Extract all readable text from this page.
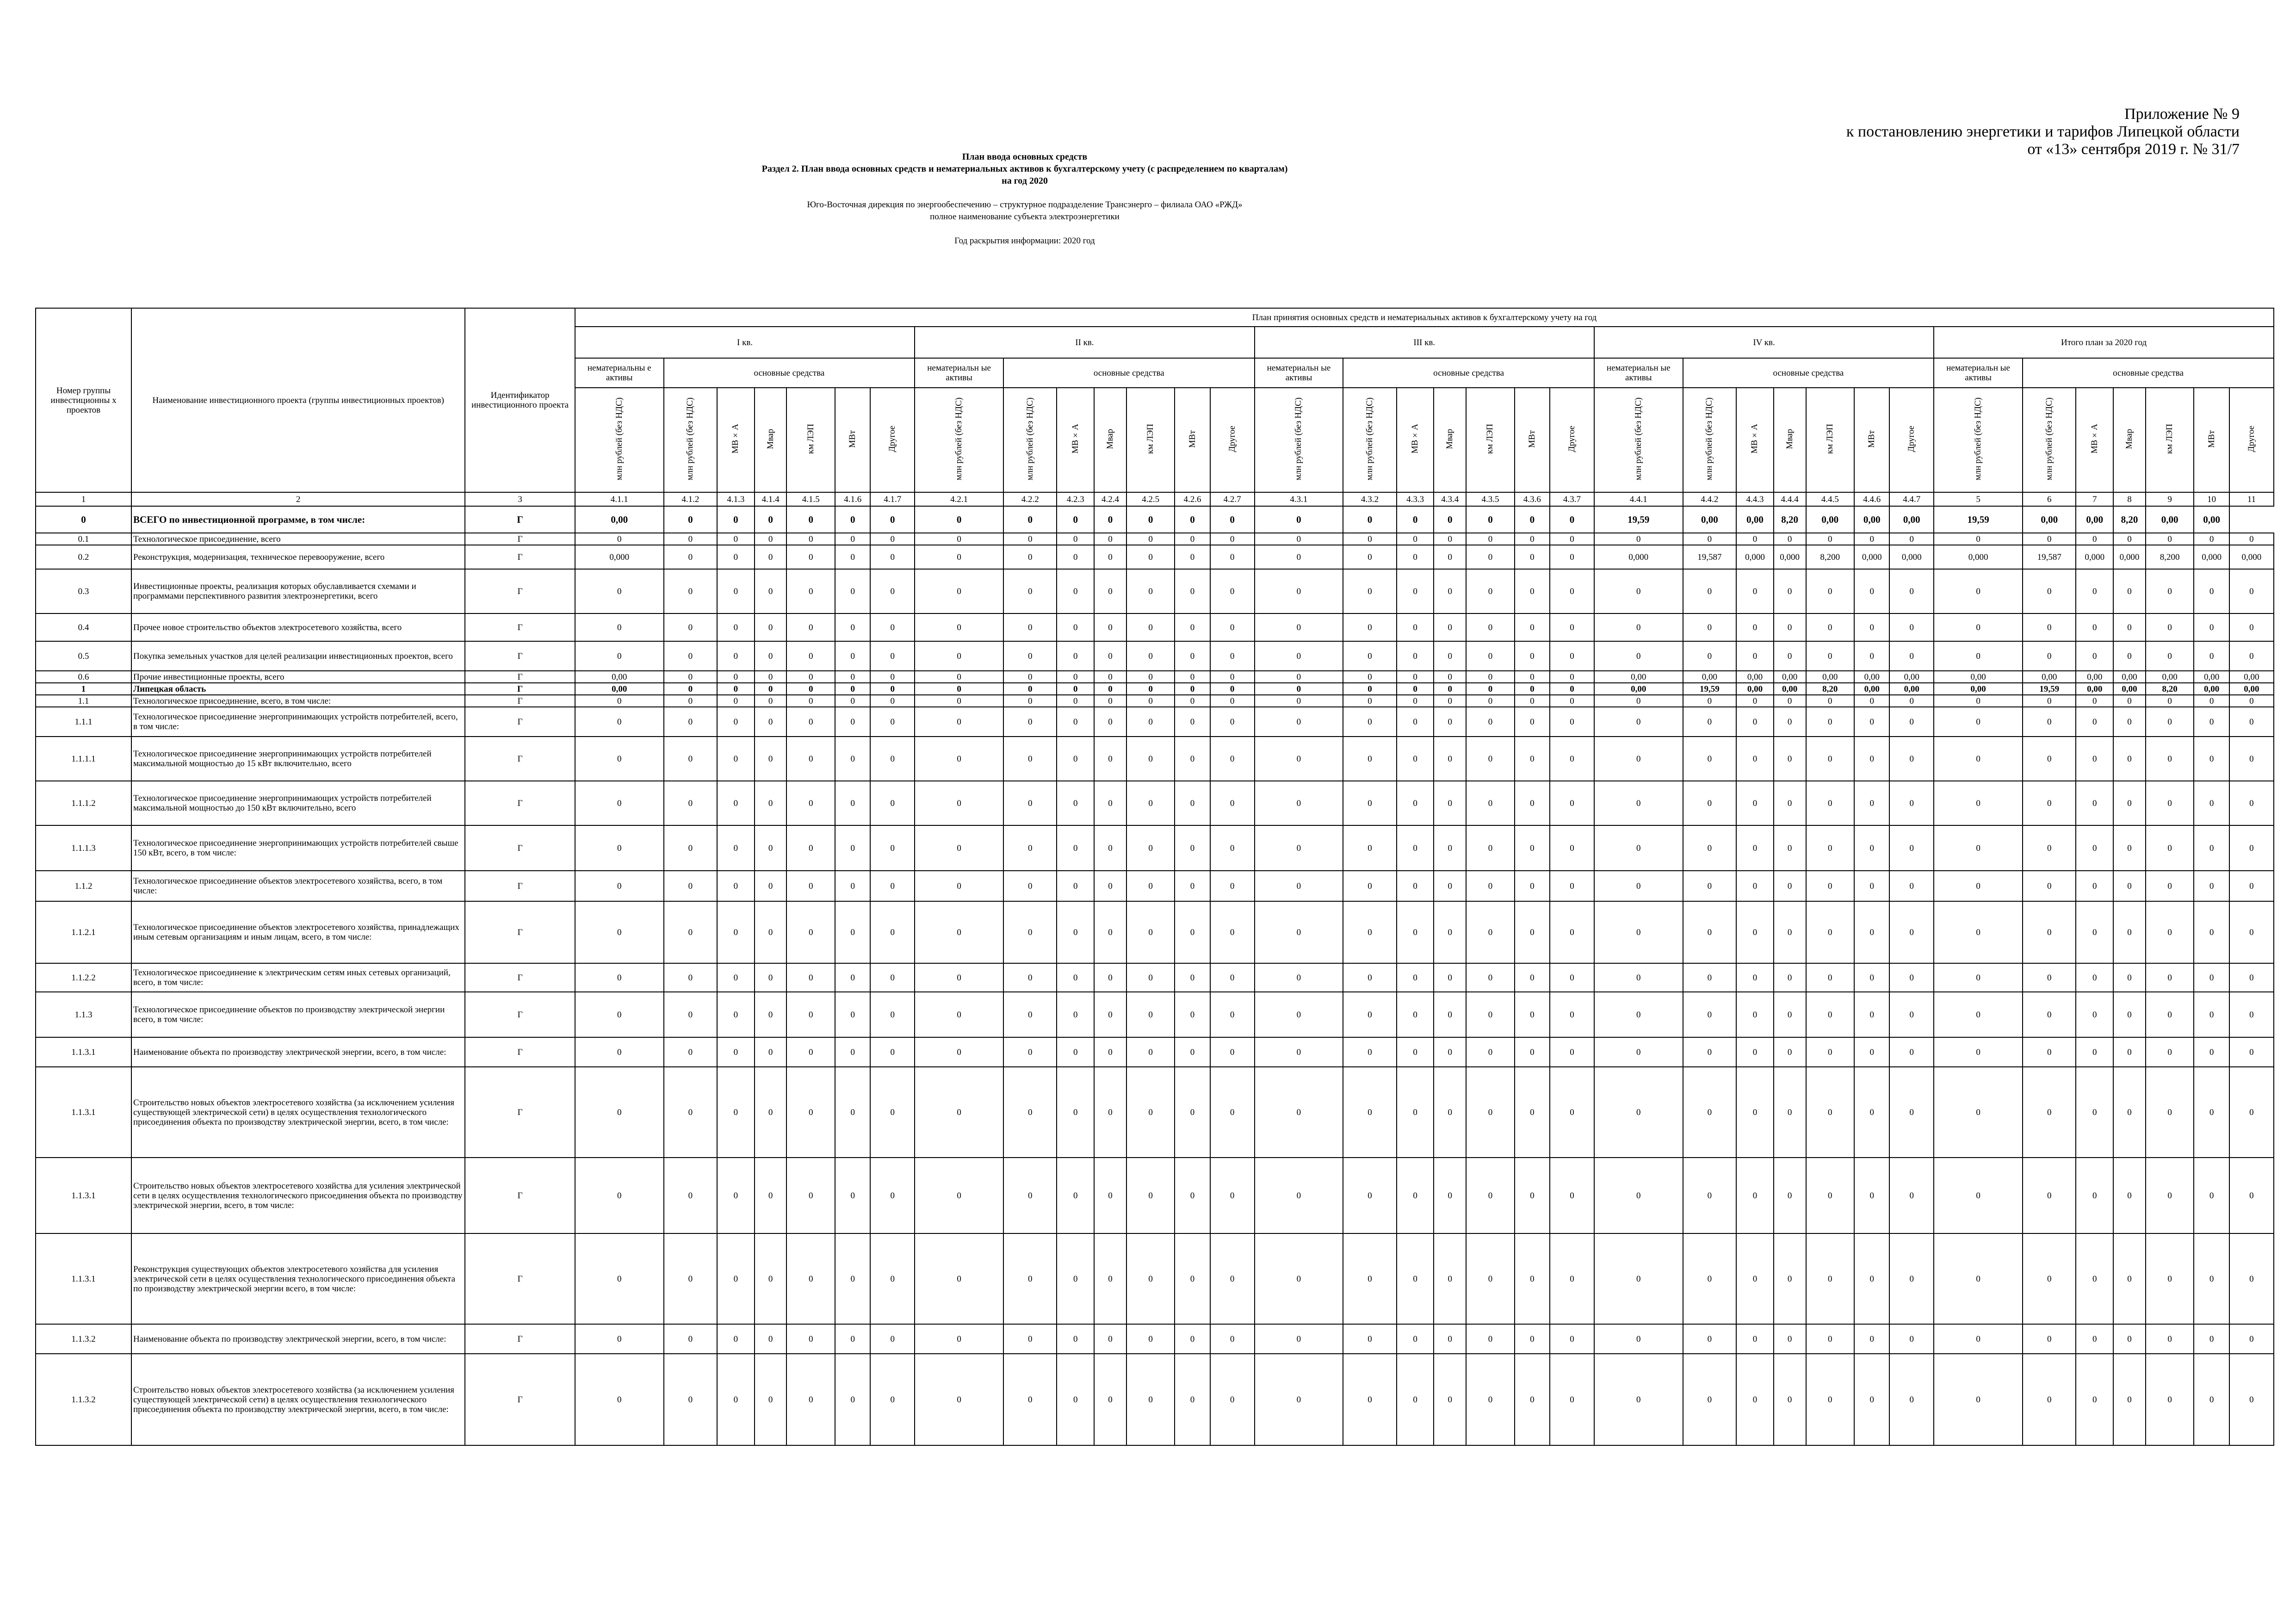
Приложение № 9
к постановлению энергетики и тарифов Липецкой области
от «13» сентября 2019 г. № 31/7
План ввода основных средств
Раздел 2. План ввода основных средств и нематериальных активов к бухгалтерскому учету (с распределением по кварталам)
на год 2020
Юго-Восточная дирекция по энергообеспечению – структурное подразделение Трансэнерго – филиала ОАО «РЖД»
полное наименование субъекта электроэнергетики
Год раскрытия информации: 2020 год
Номер группы инвестиционны х проектов	Наименование инвестиционного проекта (группы инвестиционных проектов)	Идентификатор инвестиционного проекта	План принятия основных средств и нематериальных активов к бухгалтерскому учету на год																																		
			I кв.							II кв.							III кв.							IV кв.							Итого план за 2020 год						
			нематериальны е активы	основные средства						нематериальн ые активы	основные средства						нематериальн ые активы	основные средства						нематериальн ые активы	основные средства						нематериальн ые активы	основные средства					
			млн рублей (без НДС)	млн рублей (без НДС)	МВ×А	Мвар	км ЛЭП	МВт	Другое	млн рублей (без НДС)	млн рублей (без НДС)	МВ×А	Мвар	км ЛЭП	МВт	Другое	млн рублей (без НДС)	млн рублей (без НДС)	МВ×А	Мвар	км ЛЭП	МВт	Другое	млн рублей (без НДС)	млн рублей (без НДС)	МВ×А	Мвар	км ЛЭП	МВт	Другое	млн рублей (без НДС)	млн рублей (без НДС)	МВ×А	Мвар	км ЛЭП	МВт	Другое
1	2	3	4.1.1	4.1.2	4.1.3	4.1.4	4.1.5	4.1.6	4.1.7	4.2.1	4.2.2	4.2.3	4.2.4	4.2.5	4.2.6	4.2.7	4.3.1	4.3.2	4.3.3	4.3.4	4.3.5	4.3.6	4.3.7	4.4.1	4.4.2	4.4.3	4.4.4	4.4.5	4.4.6	4.4.7	5	6	7	8	9	10	11
0	ВСЕГО по инвестиционной программе, в том числе:	Г	0,00	0	0	0	0	0	0	0	0	0	0	0	0	0	0	0	0	0	0	0	0	19,59	0,00	0,00	8,20	0,00	0,00	0,00	19,59	0,00	0,00	8,20	0,00	0,00	
0.1	Технологическое присоединение, всего	Г	0	0	0	0	0	0	0	0	0	0	0	0	0	0	0	0	0	0	0	0	0	0	0	0	0	0	0	0	0	0	0	0	0	0	0
0.2	Реконструкция, модернизация, техническое перевооружение, всего	Г	0,000	0	0	0	0	0	0	0	0	0	0	0	0	0	0	0	0	0	0	0	0	0,000	19,587	0,000	0,000	8,200	0,000	0,000	0,000	19,587	0,000	0,000	8,200	0,000	0,000
0.3	Инвестиционные проекты, реализация которых обуславливается схемами и программами перспективного развития электроэнергетики, всего	Г	0	0	0	0	0	0	0	0	0	0	0	0	0	0	0	0	0	0	0	0	0	0	0	0	0	0	0	0	0	0	0	0	0	0	0
0.4	Прочее новое строительство объектов электросетевого хозяйства, всего	Г	0	0	0	0	0	0	0	0	0	0	0	0	0	0	0	0	0	0	0	0	0	0	0	0	0	0	0	0	0	0	0	0	0	0	0
0.5	Покупка земельных участков для целей реализации инвестиционных проектов, всего	Г	0	0	0	0	0	0	0	0	0	0	0	0	0	0	0	0	0	0	0	0	0	0	0	0	0	0	0	0	0	0	0	0	0	0	0
0.6	Прочие инвестиционные проекты, всего	Г	0,00	0	0	0	0	0	0	0	0	0	0	0	0	0	0	0	0	0	0	0	0	0,00	0,00	0,00	0,00	0,00	0,00	0,00	0,00	0,00	0,00	0,00	0,00	0,00	0,00
1	Липецкая область	Г	0,00	0	0	0	0	0	0	0	0	0	0	0	0	0	0	0	0	0	0	0	0	0,00	19,59	0,00	0,00	8,20	0,00	0,00	0,00	19,59	0,00	0,00	8,20	0,00	0,00
1.1	Технологическое присоединение, всего, в том числе:	Г	0	0	0	0	0	0	0	0	0	0	0	0	0	0	0	0	0	0	0	0	0	0	0	0	0	0	0	0	0	0	0	0	0	0	0
1.1.1	Технологическое присоединение энергопринимающих устройств потребителей, всего, в том числе:	Г	0	0	0	0	0	0	0	0	0	0	0	0	0	0	0	0	0	0	0	0	0	0	0	0	0	0	0	0	0	0	0	0	0	0	0
1.1.1.1	Технологическое присоединение энергопринимающих устройств потребителей максимальной мощностью до 15 кВт включительно, всего	Г	0	0	0	0	0	0	0	0	0	0	0	0	0	0	0	0	0	0	0	0	0	0	0	0	0	0	0	0	0	0	0	0	0	0	0
1.1.1.2	Технологическое присоединение энергопринимающих устройств потребителей максимальной мощностью до 150 кВт включительно, всего	Г	0	0	0	0	0	0	0	0	0	0	0	0	0	0	0	0	0	0	0	0	0	0	0	0	0	0	0	0	0	0	0	0	0	0	0
1.1.1.3	Технологическое присоединение энергопринимающих устройств потребителей свыше 150 кВт, всего, в том числе:	Г	0	0	0	0	0	0	0	0	0	0	0	0	0	0	0	0	0	0	0	0	0	0	0	0	0	0	0	0	0	0	0	0	0	0	0
1.1.2	Технологическое присоединение объектов электросетевого хозяйства, всего, в том числе:	Г	0	0	0	0	0	0	0	0	0	0	0	0	0	0	0	0	0	0	0	0	0	0	0	0	0	0	0	0	0	0	0	0	0	0	0
1.1.2.1	Технологическое присоединение объектов электросетевого хозяйства, принадлежащих иным сетевым организациям и иным лицам, всего, в том числе:	Г	0	0	0	0	0	0	0	0	0	0	0	0	0	0	0	0	0	0	0	0	0	0	0	0	0	0	0	0	0	0	0	0	0	0	0
1.1.2.2	Технологическое присоединение к электрическим сетям иных сетевых организаций, всего, в том числе:	Г	0	0	0	0	0	0	0	0	0	0	0	0	0	0	0	0	0	0	0	0	0	0	0	0	0	0	0	0	0	0	0	0	0	0	0
1.1.3	Технологическое присоединение объектов по производству электрической энергии всего, в том числе:	Г	0	0	0	0	0	0	0	0	0	0	0	0	0	0	0	0	0	0	0	0	0	0	0	0	0	0	0	0	0	0	0	0	0	0	0
1.1.3.1	Наименование объекта по производству электрической энергии, всего, в том числе:	Г	0	0	0	0	0	0	0	0	0	0	0	0	0	0	0	0	0	0	0	0	0	0	0	0	0	0	0	0	0	0	0	0	0	0	0
1.1.3.1	Строительство новых объектов электросетевого хозяйства (за исключением усиления существующей электрической сети) в целях осуществления технологического присоединения объекта по производству электрической энергии, всего, в том числе:	Г	0	0	0	0	0	0	0	0	0	0	0	0	0	0	0	0	0	0	0	0	0	0	0	0	0	0	0	0	0	0	0	0	0	0	0
1.1.3.1	Строительство новых объектов электросетевого хозяйства для усиления электрической сети в целях осуществления технологического присоединения объекта по производству электрической энергии, всего, в том числе:	Г	0	0	0	0	0	0	0	0	0	0	0	0	0	0	0	0	0	0	0	0	0	0	0	0	0	0	0	0	0	0	0	0	0	0	0
1.1.3.1	Реконструкция существующих объектов электросетевого хозяйства для усиления электрической сети в целях осуществления технологического присоединения объекта по производству электрической энергии всего, в том числе:	Г	0	0	0	0	0	0	0	0	0	0	0	0	0	0	0	0	0	0	0	0	0	0	0	0	0	0	0	0	0	0	0	0	0	0	0
1.1.3.2	Наименование объекта по производству электрической энергии, всего, в том числе:	Г	0	0	0	0	0	0	0	0	0	0	0	0	0	0	0	0	0	0	0	0	0	0	0	0	0	0	0	0	0	0	0	0	0	0	0
1.1.3.2	Строительство новых объектов электросетевого хозяйства (за исключением усиления существующей электрической сети) в целях осуществления технологического присоединения объекта по производству электрической энергии, всего, в том числе:	Г	0	0	0	0	0	0	0	0	0	0	0	0	0	0	0	0	0	0	0	0	0	0	0	0	0	0	0	0	0	0	0	0	0	0	0
